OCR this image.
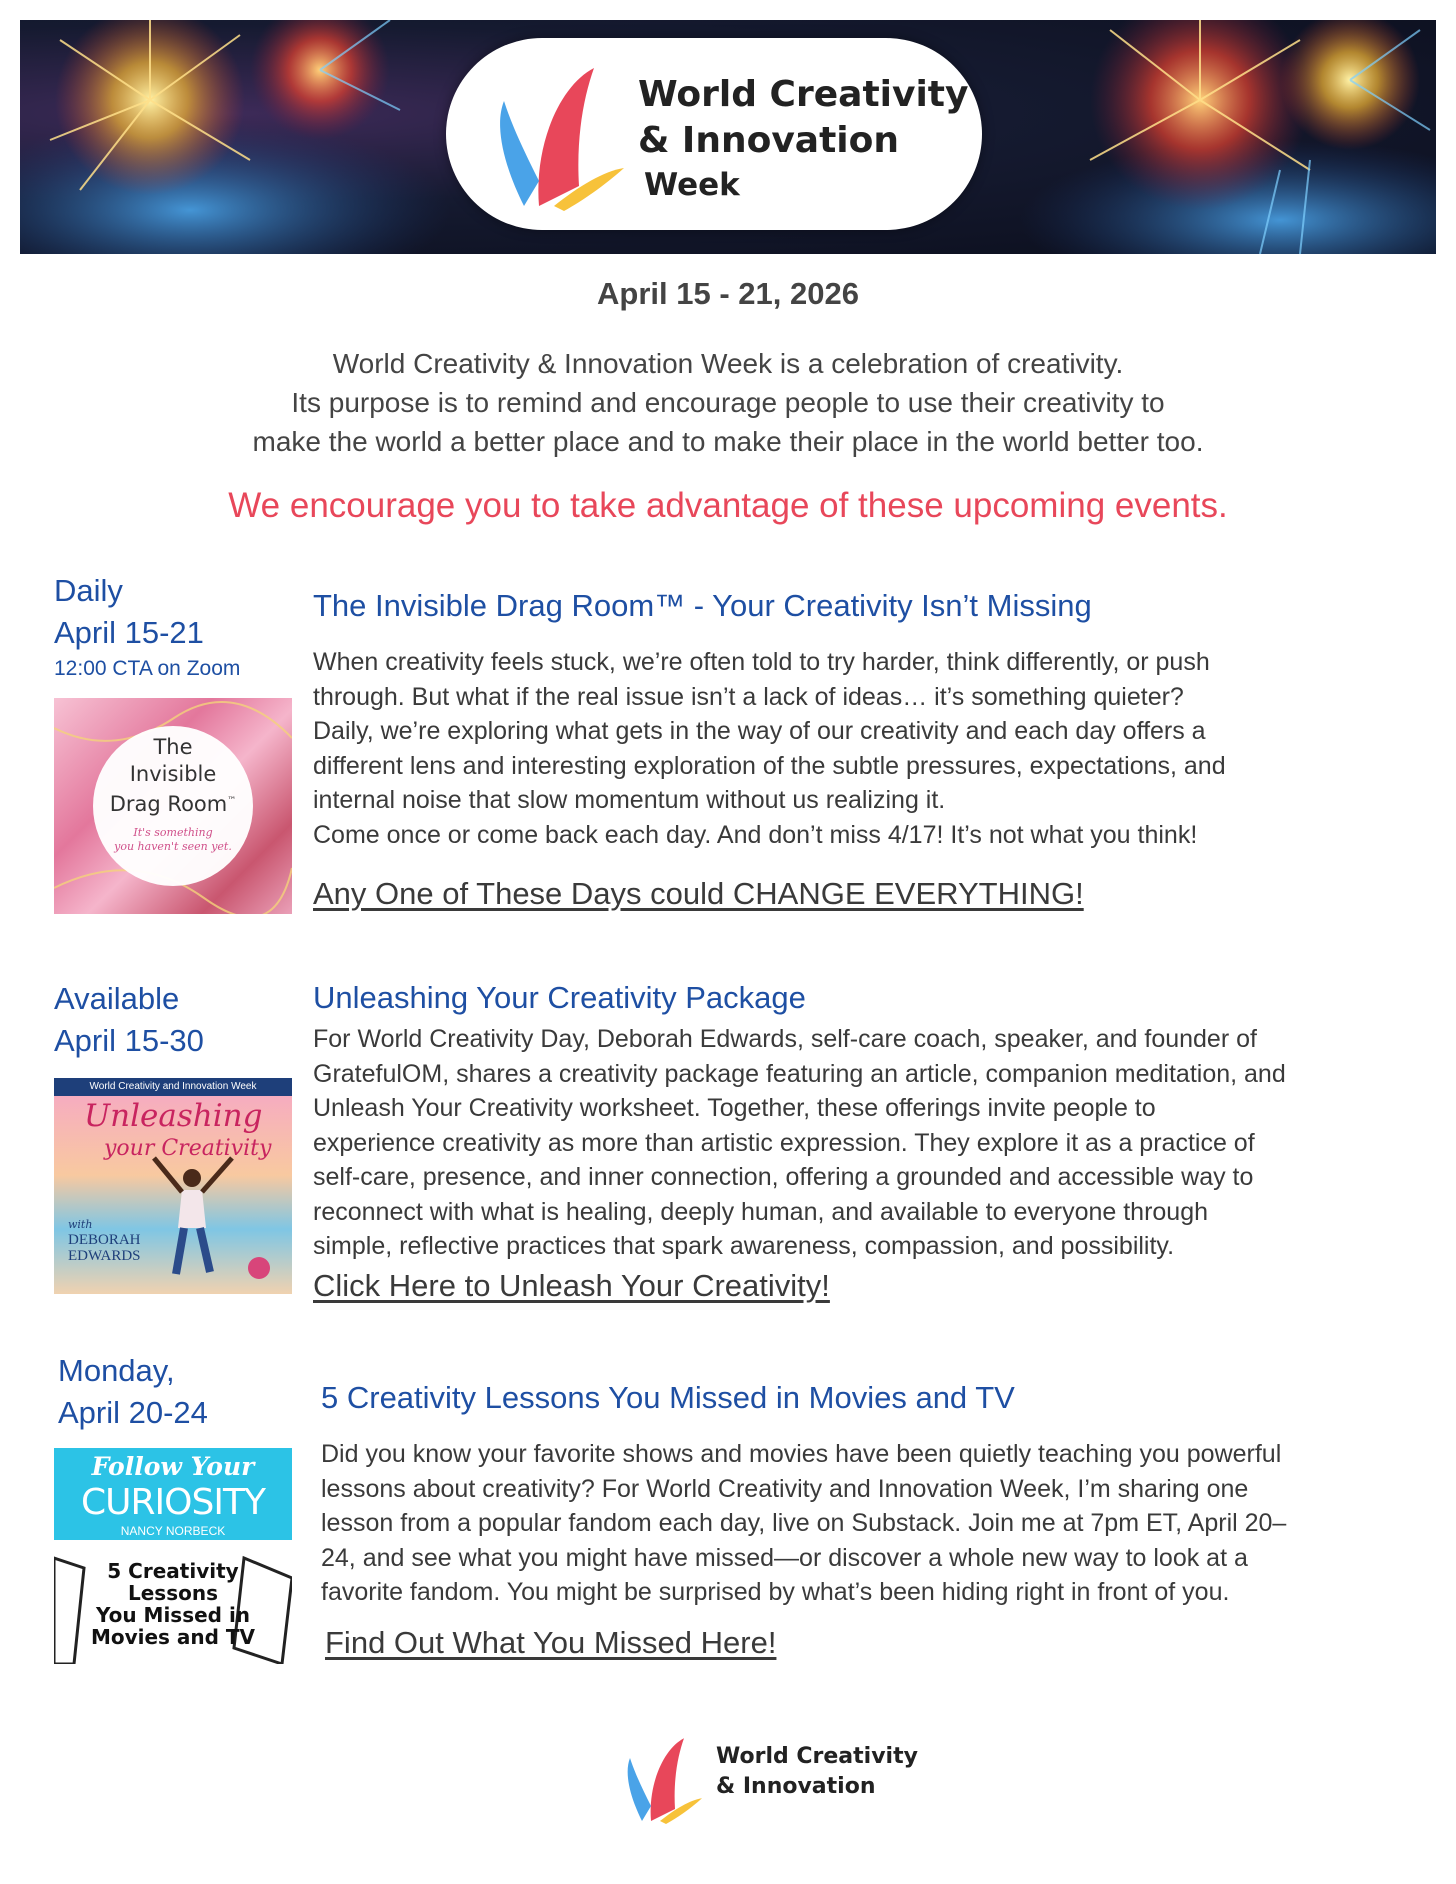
World Creativity
& Innovation
Week
April 15 - 21, 2026
World Creativity & Innovation Week is a celebration of creativity.
Its purpose is to remind and encourage people to use their creativity to
make the world a better place and to make their place in the world better too.
We encourage you to take advantage of these upcoming events.
Daily
April 15-21
12:00 CTA on Zoom
The
Invisible
Drag Room™
It's something
you haven't seen yet.
The Invisible Drag Room™ - Your Creativity Isn’t Missing
When creativity feels stuck, we’re often told to try harder, think differently, or push
through. But what if the real issue isn’t a lack of ideas… it’s something quieter?
Daily, we’re exploring what gets in the way of our creativity and each day offers a
different lens and interesting exploration of the subtle pressures, expectations, and
internal noise that slow momentum without us realizing it.
Come once or come back each day. And don’t miss 4/17! It’s not what you think!
Any One of These Days could CHANGE EVERYTHING!
Available
April 15-30
World Creativity and Innovation Week
Unleashing
your Creativity
with
DEBORAH
EDWARDS
Unleashing Your Creativity Package
For World Creativity Day, Deborah Edwards, self-care coach, speaker, and founder of
GratefulOM, shares a creativity package featuring an article, companion meditation, and
Unleash Your Creativity worksheet. Together, these offerings invite people to
experience creativity as more than artistic expression. They explore it as a practice of
self-care, presence, and inner connection, offering a grounded and accessible way to
reconnect with what is healing, deeply human, and available to everyone through
simple, reflective practices that spark awareness, compassion, and possibility.
Click Here to Unleash Your Creativity!
Monday,
April 20-24
Follow Your
CURIOSITY
NANCY NORBECK
5 Creativity
Lessons
You Missed in
Movies and TV
5 Creativity Lessons You Missed in Movies and TV
Did you know your favorite shows and movies have been quietly teaching you powerful
lessons about creativity? For World Creativity and Innovation Week, I’m sharing one
lesson from a popular fandom each day, live on Substack. Join me at 7pm ET, April 20–
24, and see what you might have missed—or discover a whole new way to look at a
favorite fandom. You might be surprised by what’s been hiding right in front of you.
Find Out What You Missed Here!
World Creativity
& Innovation
